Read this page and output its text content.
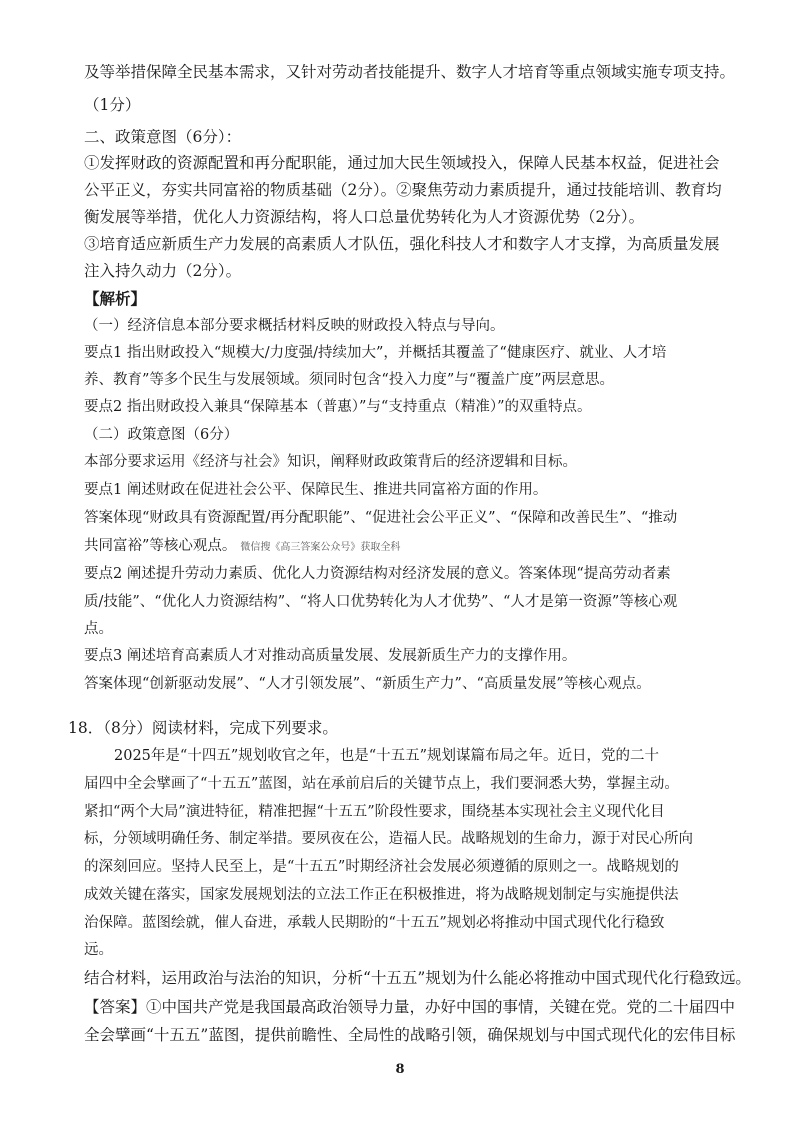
及等举措保障全民基本需求，又针对劳动者技能提升、数字人才培育等重点领域实施专项支持。
（1分）
二、政策意图（6分）：
①发挥财政的资源配置和再分配职能，通过加大民生领域投入，保障人民基本权益，促进社会
公平正义，夯实共同富裕的物质基础（2分）。②聚焦劳动力素质提升，通过技能培训、教育均
衡发展等举措，优化人力资源结构，将人口总量优势转化为人才资源优势（2分）。
③培育适应新质生产力发展的高素质人才队伍，强化科技人才和数字人才支撑，为高质量发展
注入持久动力（2分）。
【解析】
（一）经济信息本部分要求概括材料反映的财政投入特点与导向。
要点1 指出财政投入“规模大/力度强/持续加大”，并概括其覆盖了“健康医疗、就业、人才培
养、教育”等多个民生与发展领域。须同时包含“投入力度”与“覆盖广度”两层意思。
要点2 指出财政投入兼具“保障基本（普惠）”与“支持重点（精准）”的双重特点。
（二）政策意图（6分）
本部分要求运用《经济与社会》知识，阐释财政政策背后的经济逻辑和目标。
要点1 阐述财政在促进社会公平、保障民生、推进共同富裕方面的作用。
答案体现“财政具有资源配置/再分配职能”、“促进社会公平正义”、“保障和改善民生”、“推动
共同富裕”等核心观点。 微信搜《高三答案公众号》获取全科
要点2 阐述提升劳动力素质、优化人力资源结构对经济发展的意义。答案体现“提高劳动者素
质/技能”、“优化人力资源结构”、“将人口优势转化为人才优势”、“人才是第一资源”等核心观
点。
要点3 阐述培育高素质人才对推动高质量发展、发展新质生产力的支撑作用。
答案体现“创新驱动发展”、“人才引领发展”、“新质生产力”、“高质量发展”等核心观点。
18．（8分）阅读材料，完成下列要求。
2025年是“十四五”规划收官之年，也是“十五五”规划谋篇布局之年。近日，党的二十
届四中全会擘画了“十五五”蓝图，站在承前启后的关键节点上，我们要洞悉大势，掌握主动。
紧扣“两个大局”演进特征，精准把握“十五五”阶段性要求，围绕基本实现社会主义现代化目
标，分领域明确任务、制定举措。要夙夜在公，造福人民。战略规划的生命力，源于对民心所向
的深刻回应。坚持人民至上，是“十五五”时期经济社会发展必须遵循的原则之一。战略规划的
成效关键在落实，国家发展规划法的立法工作正在积极推进，将为战略规划制定与实施提供法
治保障。蓝图绘就，催人奋进，承载人民期盼的“十五五”规划必将推动中国式现代化行稳致
远。
结合材料，运用政治与法治的知识，分析“十五五”规划为什么能必将推动中国式现代化行稳致远。
【答案】①中国共产党是我国最高政治领导力量，办好中国的事情，关键在党。党的二十届四中
全会擘画“十五五”蓝图，提供前瞻性、全局性的战略引领，确保规划与中国式现代化的宏伟目标
8
